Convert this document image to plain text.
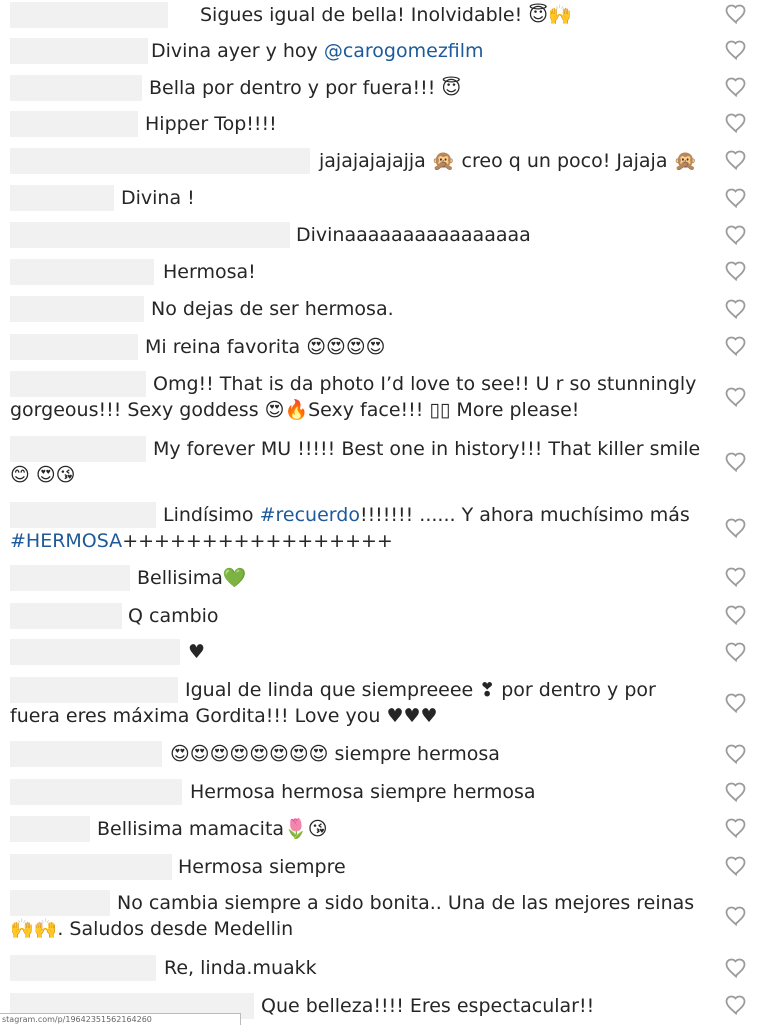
Sigues igual de bella! Inolvidable! 😇🙌
Divina ayer y hoy @carogomezfilm
Bella por dentro y por fuera!!! 😇
Hipper Top!!!!
jajajajajajja 🙊 creo q un poco! Jajaja 🙊
Divina !
Divinaaaaaaaaaaaaaaaa
Hermosa!
No dejas de ser hermosa.
Mi reina favorita 😍😍😍😍
Omg!! That is da photo I’d love to see!! U r so stunningly
gorgeous!!! Sexy goddess 😍🔥Sexy face!!! ▯▯ More please!
My forever MU !!!!! Best one in history!!! That killer smile
😊 😍😘
Lindísimo #recuerdo!!!!!!! ...... Y ahora muchísimo más
#HERMOSA+++++++++++++++++
Bellisima💚
Q cambio
♥
Igual de linda que siempreeee ❣ por dentro y por
fuera eres máxima Gordita!!! Love you ♥♥♥
😍😍😍😍😍😍😍😍 siempre hermosa
Hermosa hermosa siempre hermosa
Bellisima mamacita🌷😘
Hermosa siempre
No cambia siempre a sido bonita.. Una de las mejores reinas
🙌🙌. Saludos desde Medellin
Re, linda.muakk
Que belleza!!!! Eres espectacular!!
stagram.com/p/19642351562164260
